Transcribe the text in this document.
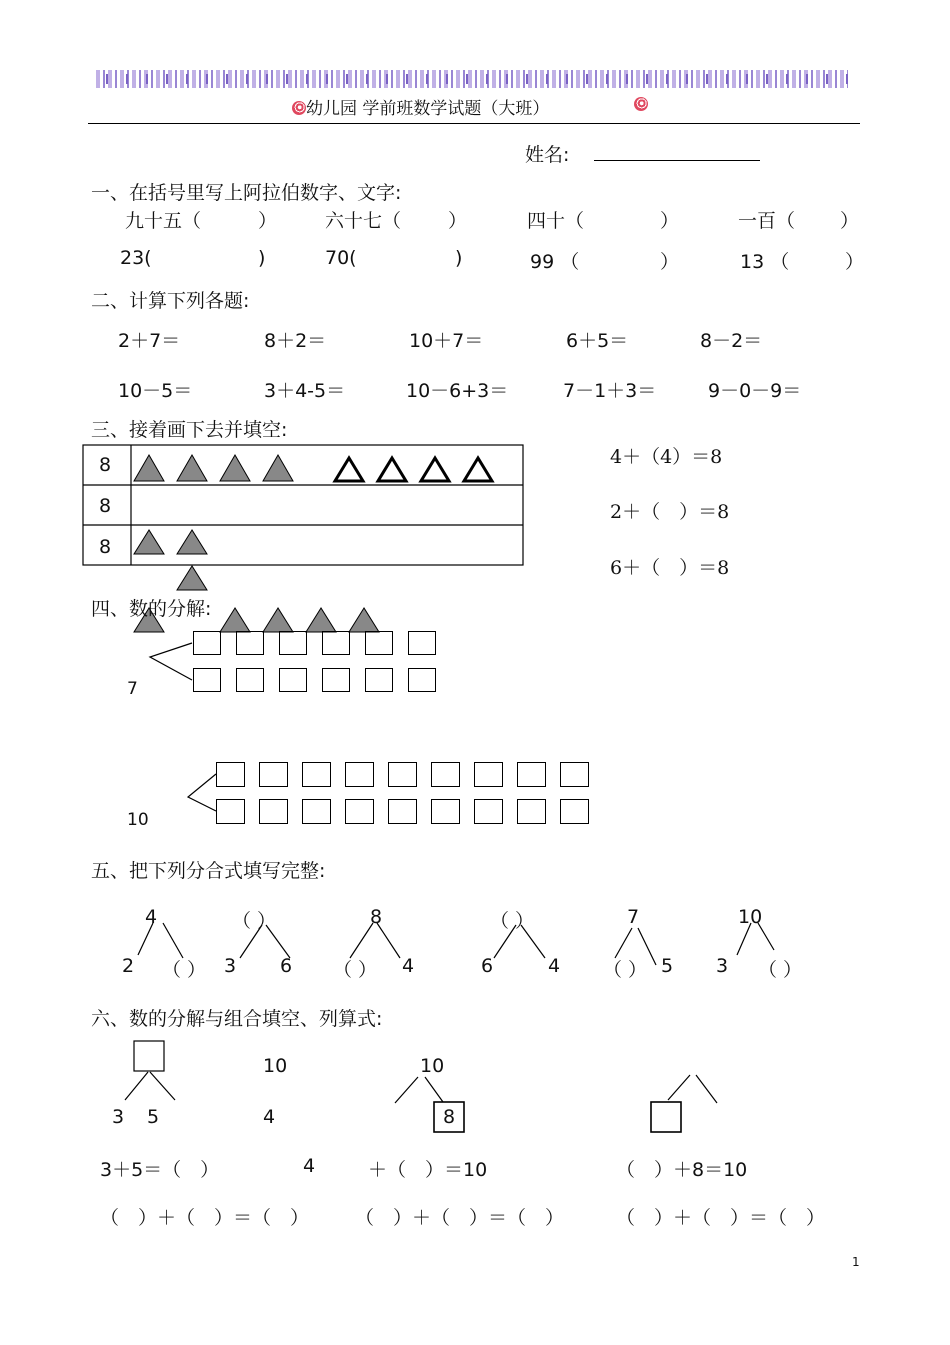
幼儿园 学前班数学试题（大班）
姓名:
一、在括号里写上阿拉伯数字、文字:
九十五（	）	六十七（ ）	四十（	）	一百（ ）
23(	)	70(	)	99 （	）	13 （	）
二、计算下列各题:
2＋7＝	8＋2＝	10＋7＝	6＋5＝	8－2＝
10－5＝	3＋4-5＝	10－6+3＝	7－1＋3＝	9－0－9＝
三、接着画下去并填空:
8
8
8
4＋（4）＝8
2＋（　）＝8
6＋（　）＝8
四、数的分解:
7
10
五、把下列分合式填写完整:
4
2 （ ）
（ ）
3 6
8
（ ） 4
（ ）
6	4
7
（ ） 5
10
3 （ ）
六、数的分解与组合填空、列算式:
3 5
10
4
10
8
3＋5＝（　）	4	＋（　）＝10	（　）＋8＝10
（　）＋（　）＝（　） （　）＋（　）＝（　）	（　）＋（　）＝（　）
1
